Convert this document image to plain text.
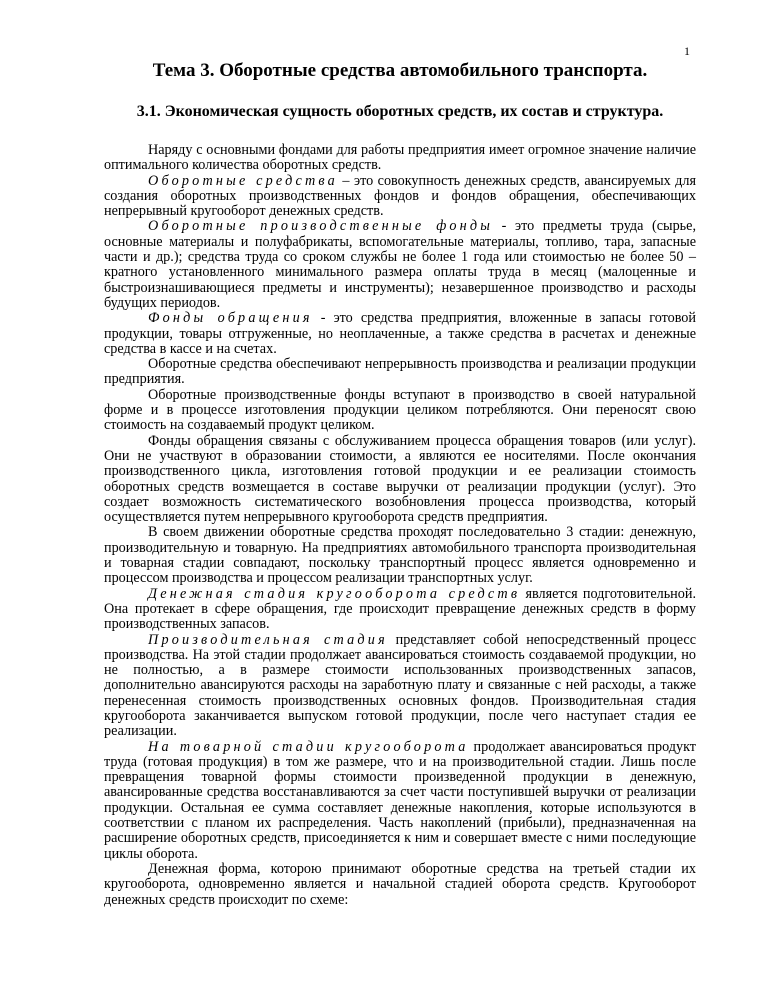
1
Тема 3. Оборотные средства автомобильного транспорта.
3.1. Экономическая сущность оборотных средств, их состав и структура.

Наряду с основными фондами для работы предприятия имеет огромное значение наличие оптимального количества оборотных средств.

Оборотные средства – это совокупность денежных средств, авансируемых для создания оборотных производственных фондов и фондов обращения, обеспечивающих непрерывный кругооборот денежных средств.

Оборотные производственные фонды - это предметы труда (сырье, основные материалы и полуфабрикаты, вспомогательные материалы, топливо, тара, запасные части и др.); средства труда со сроком службы не более 1 года или стоимостью не более 50 – кратного установленного минимального размера оплаты труда в месяц (малоценные и быстроизнашивающиеся предметы и инструменты); незавершенное производство и расходы будущих периодов.

Фонды обращения - это средства предприятия, вложенные в запасы готовой продукции, товары отгруженные, но неоплаченные, а также средства в расчетах и денежные средства в кассе и на счетах.

Оборотные средства обеспечивают непрерывность производства и реализации продукции предприятия.

Оборотные производственные фонды вступают в производство в своей натуральной форме и в процессе изготовления продукции целиком потребляются. Они переносят свою стоимость на создаваемый продукт целиком.

Фонды обращения связаны с обслуживанием процесса обращения товаров (или услуг). Они не участвуют в образовании стоимости, а являются ее носителями. После окончания производственного цикла, изготовления готовой продукции и ее реализации стоимость оборотных средств возмещается в составе выручки от реализации продукции (услуг). Это создает возможность систематического возобновления процесса производства, который осуществляется путем непрерывного кругооборота средств предприятия.

В своем движении оборотные средства проходят последовательно 3 стадии: денежную, производительную и товарную. На предприятиях автомобильного транспорта производительная и товарная стадии совпадают, поскольку транспортный процесс является одновременно и процессом производства и процессом реализации транспортных услуг.

Денежная стадия кругооборота средств является подготовительной. Она протекает в сфере обращения, где происходит превращение денежных средств в форму производственных запасов.

Производительная стадия представляет собой непосредственный процесс производства. На этой стадии продолжает авансироваться стоимость создаваемой продукции, но не полностью, а в размере стоимости использованных производственных запасов, дополнительно авансируются расходы на заработную плату и связанные с ней расходы, а также перенесенная стоимость производственных основных фондов. Производительная стадия кругооборота заканчивается выпуском готовой продукции, после чего наступает стадия ее реализации.

На товарной стадии кругооборота продолжает авансироваться продукт труда (готовая продукция) в том же размере, что и на производительной стадии. Лишь после превращения товарной формы стоимости произведенной продукции в денежную, авансированные средства восстанавливаются за счет части поступившей выручки от реализации продукции. Остальная ее сумма составляет денежные накопления, которые используются в соответствии с планом их распределения. Часть накоплений (прибыли), предназначенная на расширение оборотных средств, присоединяется к ним и совершает вместе с ними последующие циклы оборота.

Денежная форма, которою принимают оборотные средства на третьей стадии их кругооборота, одновременно является и начальной стадией оборота средств. Кругооборот денежных средств происходит по схеме:
